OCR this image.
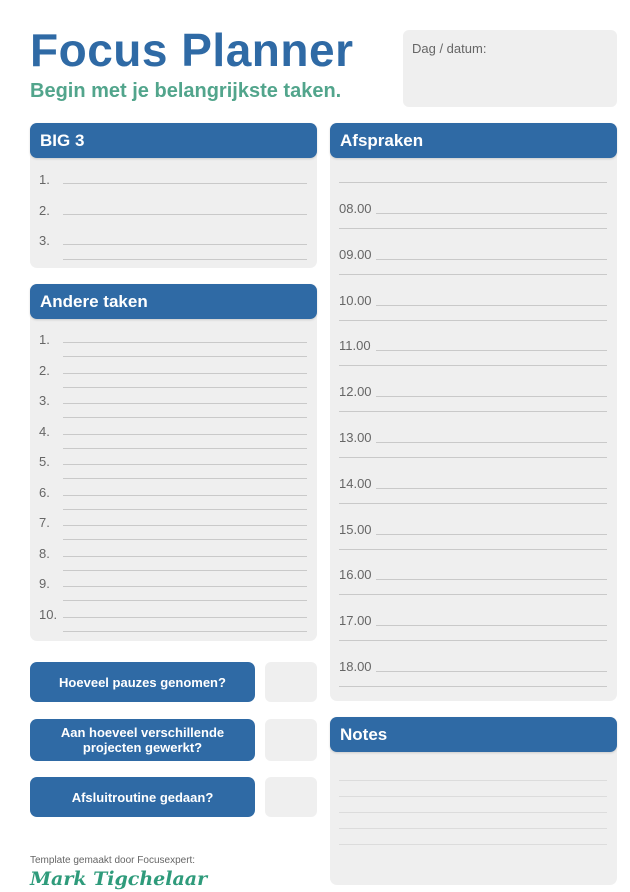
Focus Planner
Begin met je belangrijkste taken.
Dag / datum:
BIG 3
1.
2.
3.
Andere taken
1.
2.
3.
4.
5.
6.
7.
8.
9.
10.
Afspraken
08.00
09.00
10.00
11.00
12.00
13.00
14.00
15.00
16.00
17.00
18.00
Hoeveel pauzes genomen?
Aan hoeveel verschillende projecten gewerkt?
Afsluitroutine gedaan?
Notes
Template gemaakt door Focusexpert:
Mark Tigchelaar
